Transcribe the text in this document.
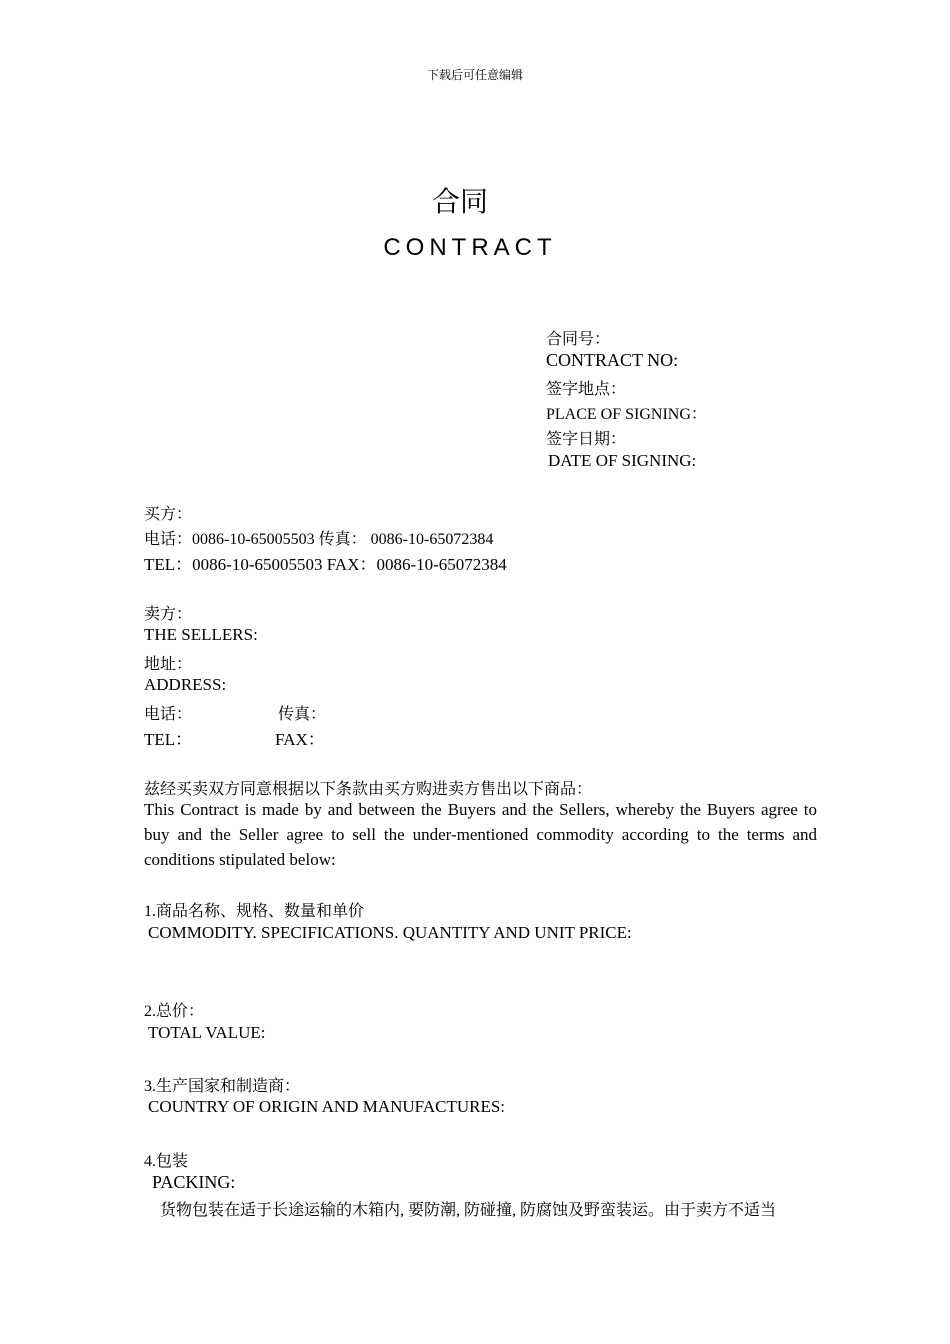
下载后可任意编辑
合同
CONTRACT
合同号：
CONTRACT NO:
签字地点：
PLACE OF SIGNING：
签字日期：
DATE OF SIGNING:
买方：
电话：0086-10-65005503 传真： 0086-10-65072384
TEL：0086-10-65005503 FAX：0086-10-65072384
卖方：
THE SELLERS:
地址：
ADDRESS:
电话：	传真：
TEL：	FAX：
兹经买卖双方同意根据以下条款由买方购进卖方售出以下商品：
This Contract is made by and between the Buyers and the Sellers, whereby the Buyers agree to buy and the Seller agree to sell the under-mentioned commodity according to the terms and conditions stipulated below:
1.商品名称、规格、数量和单价
COMMODITY. SPECIFICATIONS. QUANTITY AND UNIT PRICE:
2.总价：
TOTAL VALUE:
3.生产国家和制造商：
COUNTRY OF ORIGIN AND MANUFACTURES:
4.包装
PACKING:
货物包装在适于长途运输的木箱内, 要防潮, 防碰撞, 防腐蚀及野蛮装运。由于卖方不适当
